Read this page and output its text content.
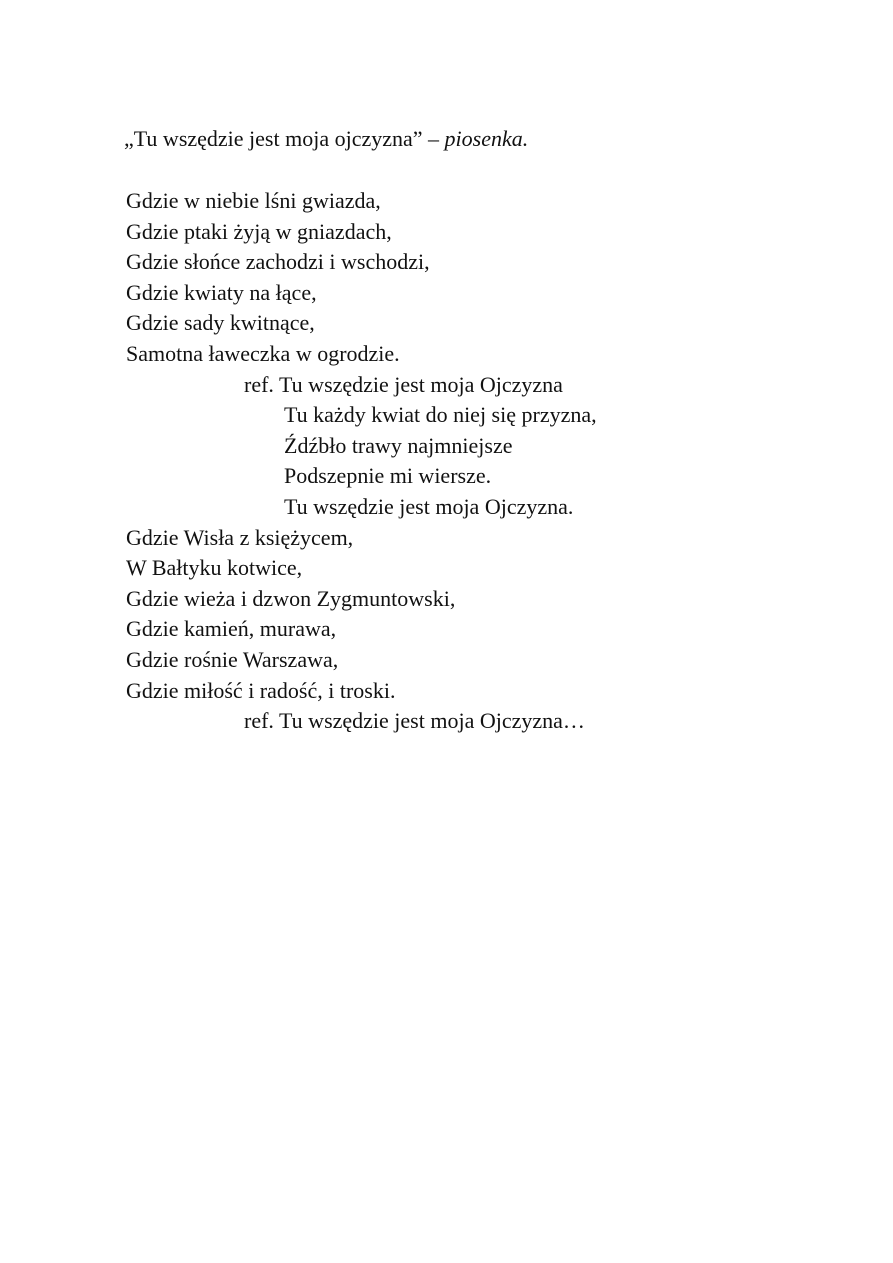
„Tu wszędzie jest moja ojczyzna” – piosenka.
Gdzie w niebie lśni gwiazda,
Gdzie ptaki żyją w gniazdach,
Gdzie słońce zachodzi i wschodzi,
Gdzie kwiaty na łące,
Gdzie sady kwitnące,
Samotna ławeczka w ogrodzie.
ref. Tu wszędzie jest moja Ojczyzna
Tu każdy kwiat do niej się przyzna,
Źdźbło trawy najmniejsze
Podszepnie mi wiersze.
Tu wszędzie jest moja Ojczyzna.
Gdzie Wisła z księżycem,
W Bałtyku kotwice,
Gdzie wieża i dzwon Zygmuntowski,
Gdzie kamień, murawa,
Gdzie rośnie Warszawa,
Gdzie miłość i radość, i troski.
ref. Tu wszędzie jest moja Ojczyzna…
